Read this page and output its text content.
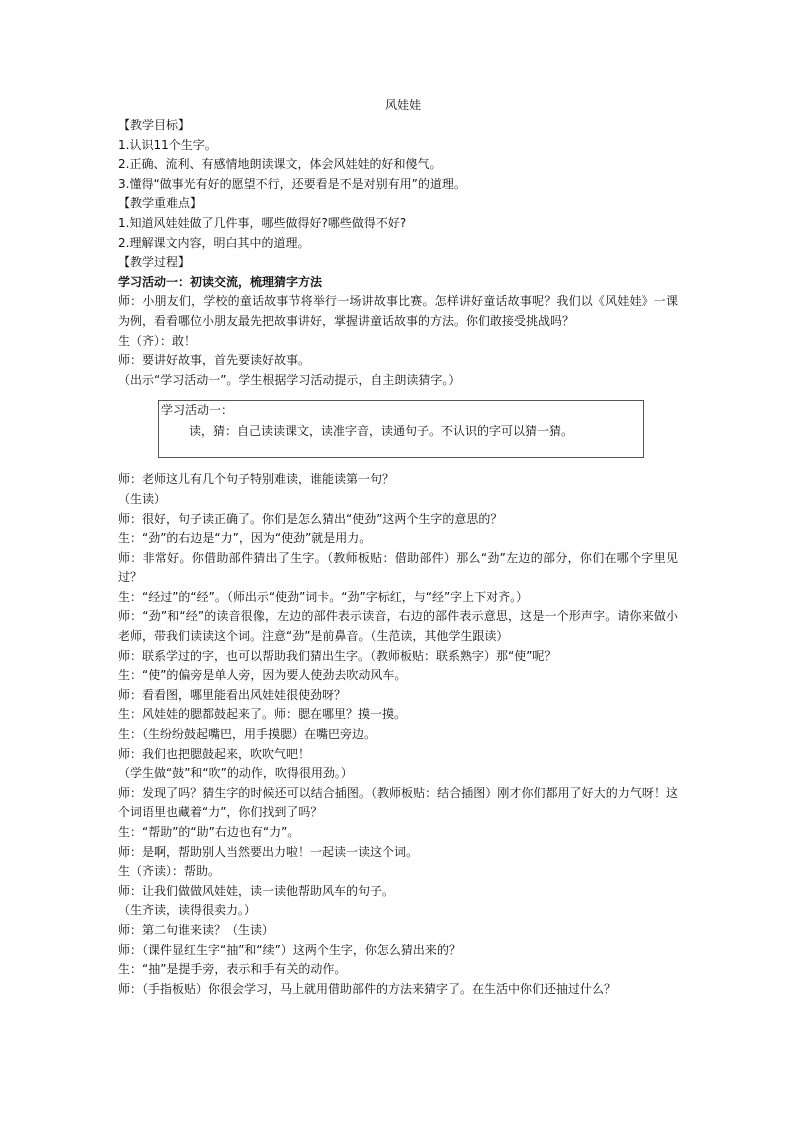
风娃娃
【教学目标】
1.认识11个生字。
2.正确、流利、有感情地朗读课文，体会风娃娃的好和傻气。
3.懂得“做事光有好的愿望不行，还要看是不是对别有用”的道理。
【教学重难点】
1.知道风娃娃做了几件事，哪些做得好?哪些做得不好?
2.理解课文内容，明白其中的道理。
【教学过程】
学习活动一：初读交流，梳理猜字方法
师：小朋友们，学校的童话故事节将举行一场讲故事比赛。怎样讲好童话故事呢？我们以《风娃娃》一课为例，看看哪位小朋友最先把故事讲好，掌握讲童话故事的方法。你们敢接受挑战吗？
生（齐）：敢！
师：要讲好故事，首先要读好故事。
（出示“学习活动一”。学生根据学习活动提示，自主朗读猜字。）
学习活动一：
读，猜：自己读读课文，读准字音，读通句子。不认识的字可以猜一猜。
师：老师这儿有几个句子特别难读，谁能读第一句？
（生读）
师：很好，句子读正确了。你们是怎么猜出“使劲”这两个生字的意思的？
生：“劲”的右边是“力”，因为“使劲”就是用力。
师：非常好。你借助部件猜出了生字。（教师板贴：借助部件）那么“劲”左边的部分，你们在哪个字里见过？
生：“经过”的“经”。（师出示“使劲”词卡。“劲”字标红，与“经”字上下对齐。）
师：“劲”和“经”的读音很像，左边的部件表示读音，右边的部件表示意思，这是一个形声字。请你来做小老师，带我们读读这个词。注意“劲”是前鼻音。（生范读，其他学生跟读）
师：联系学过的字，也可以帮助我们猜出生字。（教师板贴：联系熟字）那“使”呢？
生：“使”的偏旁是单人旁，因为要人使劲去吹动风车。
师：看看图，哪里能看出风娃娃很使劲呀？
生：风娃娃的腮都鼓起来了。师：腮在哪里？摸一摸。
生：（生纷纷鼓起嘴巴，用手摸腮）在嘴巴旁边。
师：我们也把腮鼓起来，吹吹气吧！
（学生做“鼓”和“吹”的动作，吹得很用劲。）
师：发现了吗？猜生字的时候还可以结合插图。（教师板贴：结合插图）刚才你们都用了好大的力气呀！这个词语里也藏着“力”，你们找到了吗？
生：“帮助”的“助”右边也有“力”。
师：是啊，帮助别人当然要出力啦！一起读一读这个词。
生（齐读）：帮助。
师：让我们做做风娃娃，读一读他帮助风车的句子。
（生齐读，读得很卖力。）
师：第二句谁来读？（生读）
师：（课件显红生字“抽”和“续”）这两个生字，你怎么猜出来的？
生：“抽”是提手旁，表示和手有关的动作。
师：（手指板贴）你很会学习，马上就用借助部件的方法来猜字了。在生活中你们还抽过什么？
